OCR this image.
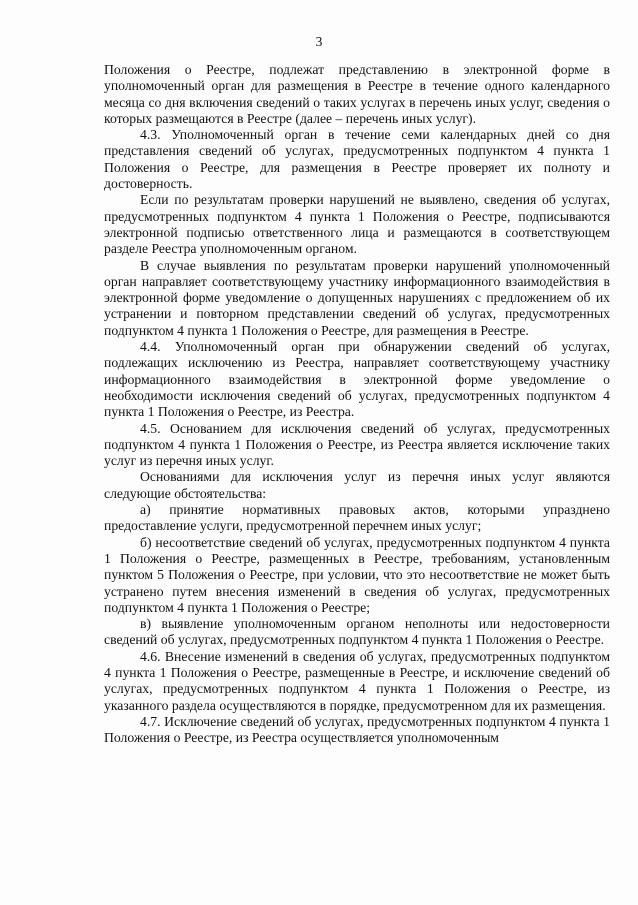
3

Положения о Реестре, подлежат представлению в электронной форме в уполномоченный орган для размещения в Реестре в течение одного календарного месяца со дня включения сведений о таких услугах в перечень иных услуг, сведения о которых размещаются в Реестре (далее – перечень иных услуг).

4.3. Уполномоченный орган в течение семи календарных дней со дня представления сведений об услугах, предусмотренных подпунктом 4 пункта 1 Положения о Реестре, для размещения в Реестре проверяет их полноту и достоверность.

Если по результатам проверки нарушений не выявлено, сведения об услугах, предусмотренных подпунктом 4 пункта 1 Положения о Реестре, подписываются электронной подписью ответственного лица и размещаются в соответствующем разделе Реестра уполномоченным органом.

В случае выявления по результатам проверки нарушений уполномоченный орган направляет соответствующему участнику информационного взаимодействия в электронной форме уведомление о допущенных нарушениях с предложением об их устранении и повторном представлении сведений об услугах, предусмотренных подпунктом 4 пункта 1 Положения о Реестре, для размещения в Реестре.

4.4. Уполномоченный орган при обнаружении сведений об услугах, подлежащих исключению из Реестра, направляет соответствующему участнику информационного взаимодействия в электронной форме уведомление о необходимости исключения сведений об услугах, предусмотренных подпунктом 4 пункта 1 Положения о Реестре, из Реестра.

4.5. Основанием для исключения сведений об услугах, предусмотренных подпунктом 4 пункта 1 Положения о Реестре, из Реестра является исключение таких услуг из перечня иных услуг.

Основаниями для исключения услуг из перечня иных услуг являются следующие обстоятельства:

а) принятие нормативных правовых актов, которыми упразднено предоставление услуги, предусмотренной перечнем иных услуг;

б) несоответствие сведений об услугах, предусмотренных подпунктом 4 пункта 1 Положения о Реестре, размещенных в Реестре, требованиям, установленным пунктом 5 Положения о Реестре, при условии, что это несоответствие не может быть устранено путем внесения изменений в сведения об услугах, предусмотренных подпунктом 4 пункта 1 Положения о Реестре;

в) выявление уполномоченным органом неполноты или недостоверности сведений об услугах, предусмотренных подпунктом 4 пункта 1 Положения о Реестре.

4.6. Внесение изменений в сведения об услугах, предусмотренных подпунктом 4 пункта 1 Положения о Реестре, размещенные в Реестре, и исключение сведений об услугах, предусмотренных подпунктом 4 пункта 1 Положения о Реестре, из указанного раздела осуществляются в порядке, предусмотренном для их размещения.

4.7. Исключение сведений об услугах, предусмотренных подпунктом 4 пункта 1 Положения о Реестре, из Реестра осуществляется уполномоченным
